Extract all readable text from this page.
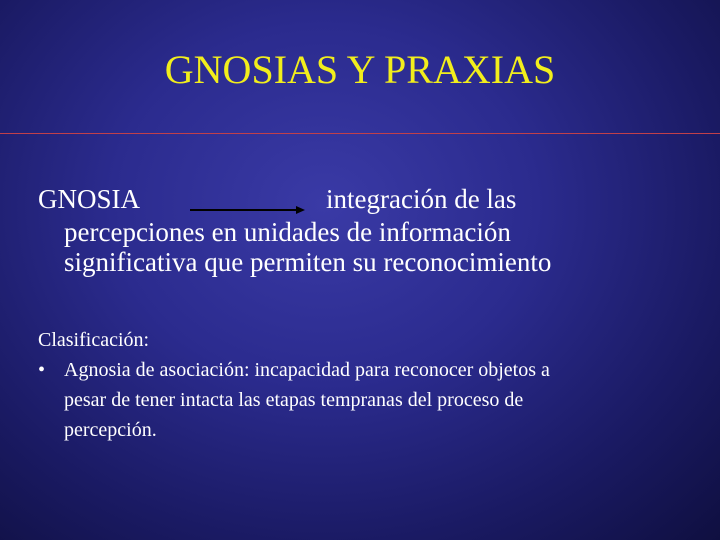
GNOSIAS Y PRAXIAS
GNOSIA	integración de las
percepciones en unidades de información
significativa que permiten su reconocimiento
Clasificación:
• Agnosia de asociación: incapacidad para reconocer objetos a
pesar de tener intacta las etapas tempranas del proceso de
percepción.
